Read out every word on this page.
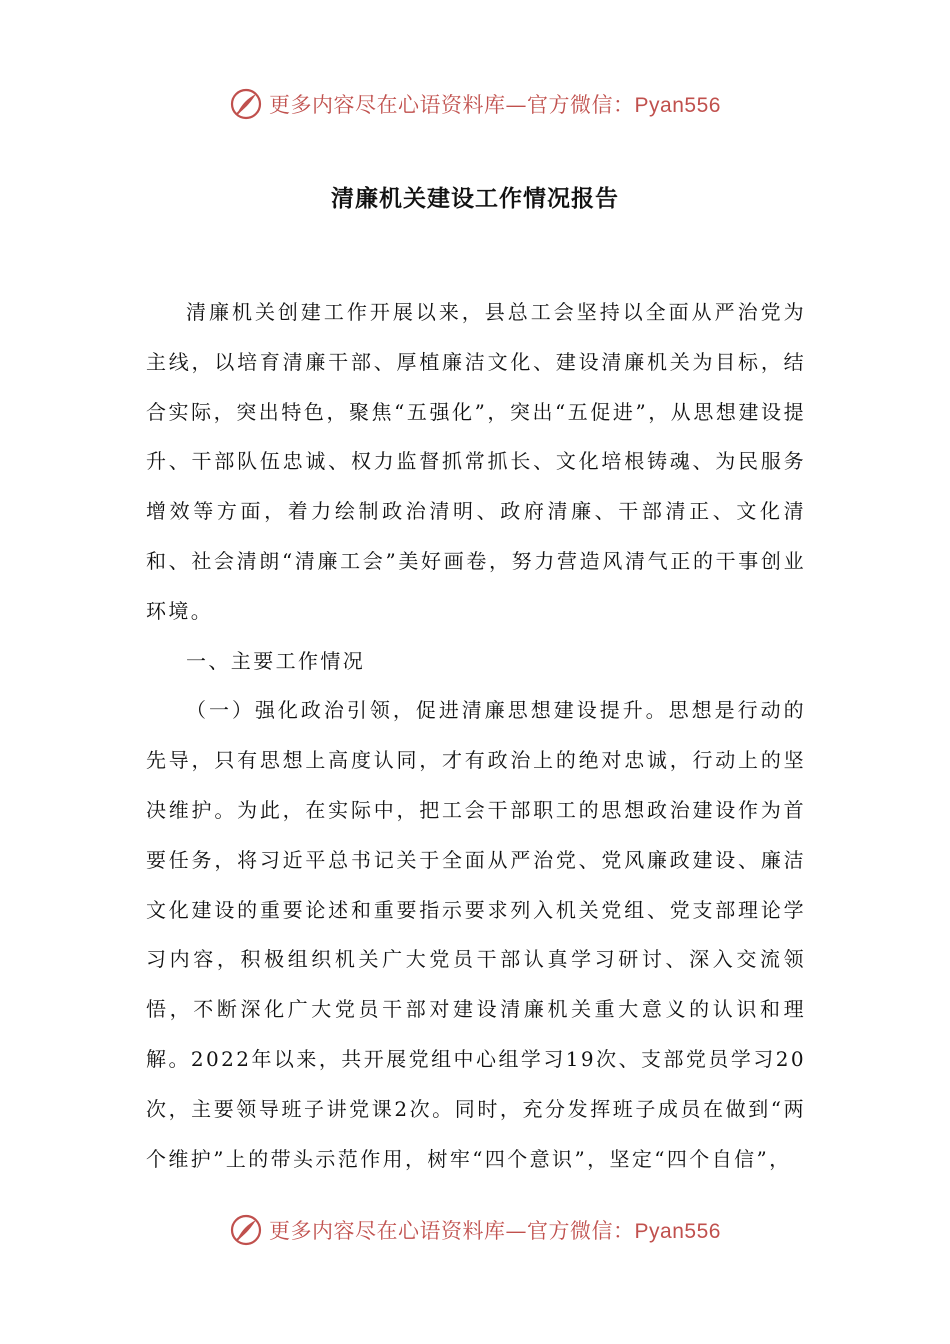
更多内容尽在心语资料库—官方微信：Pyan556
清廉机关建设工作情况报告

清廉机关创建工作开展以来，县总工会坚持以全面从严治党为主线，以培育清廉干部、厚植廉洁文化、建设清廉机关为目标，结合实际，突出特色，聚焦“五强化”，突出“五促进”，从思想建设提升、干部队伍忠诚、权力监督抓常抓长、文化培根铸魂、为民服务增效等方面，着力绘制政治清明、政府清廉、干部清正、文化清和、社会清朗“清廉工会”美好画卷，努力营造风清气正的干事创业环境。

一、主要工作情况

（一）强化政治引领，促进清廉思想建设提升。思想是行动的先导，只有思想上高度认同，才有政治上的绝对忠诚，行动上的坚决维护。为此，在实际中，把工会干部职工的思想政治建设作为首要任务，将习近平总书记关于全面从严治党、党风廉政建设、廉洁文化建设的重要论述和重要指示要求列入机关党组、党支部理论学习内容，积极组织机关广大党员干部认真学习研讨、深入交流领悟，不断深化广大党员干部对建设清廉机关重大意义的认识和理解。2022年以来，共开展党组中心组学习19次、支部党员学习20次，主要领导班子讲党课2次。同时，充分发挥班子成员在做到“两个维护”上的带头示范作用，树牢“四个意识”，坚定“四个自信”，

更多内容尽在心语资料库—官方微信：Pyan556
